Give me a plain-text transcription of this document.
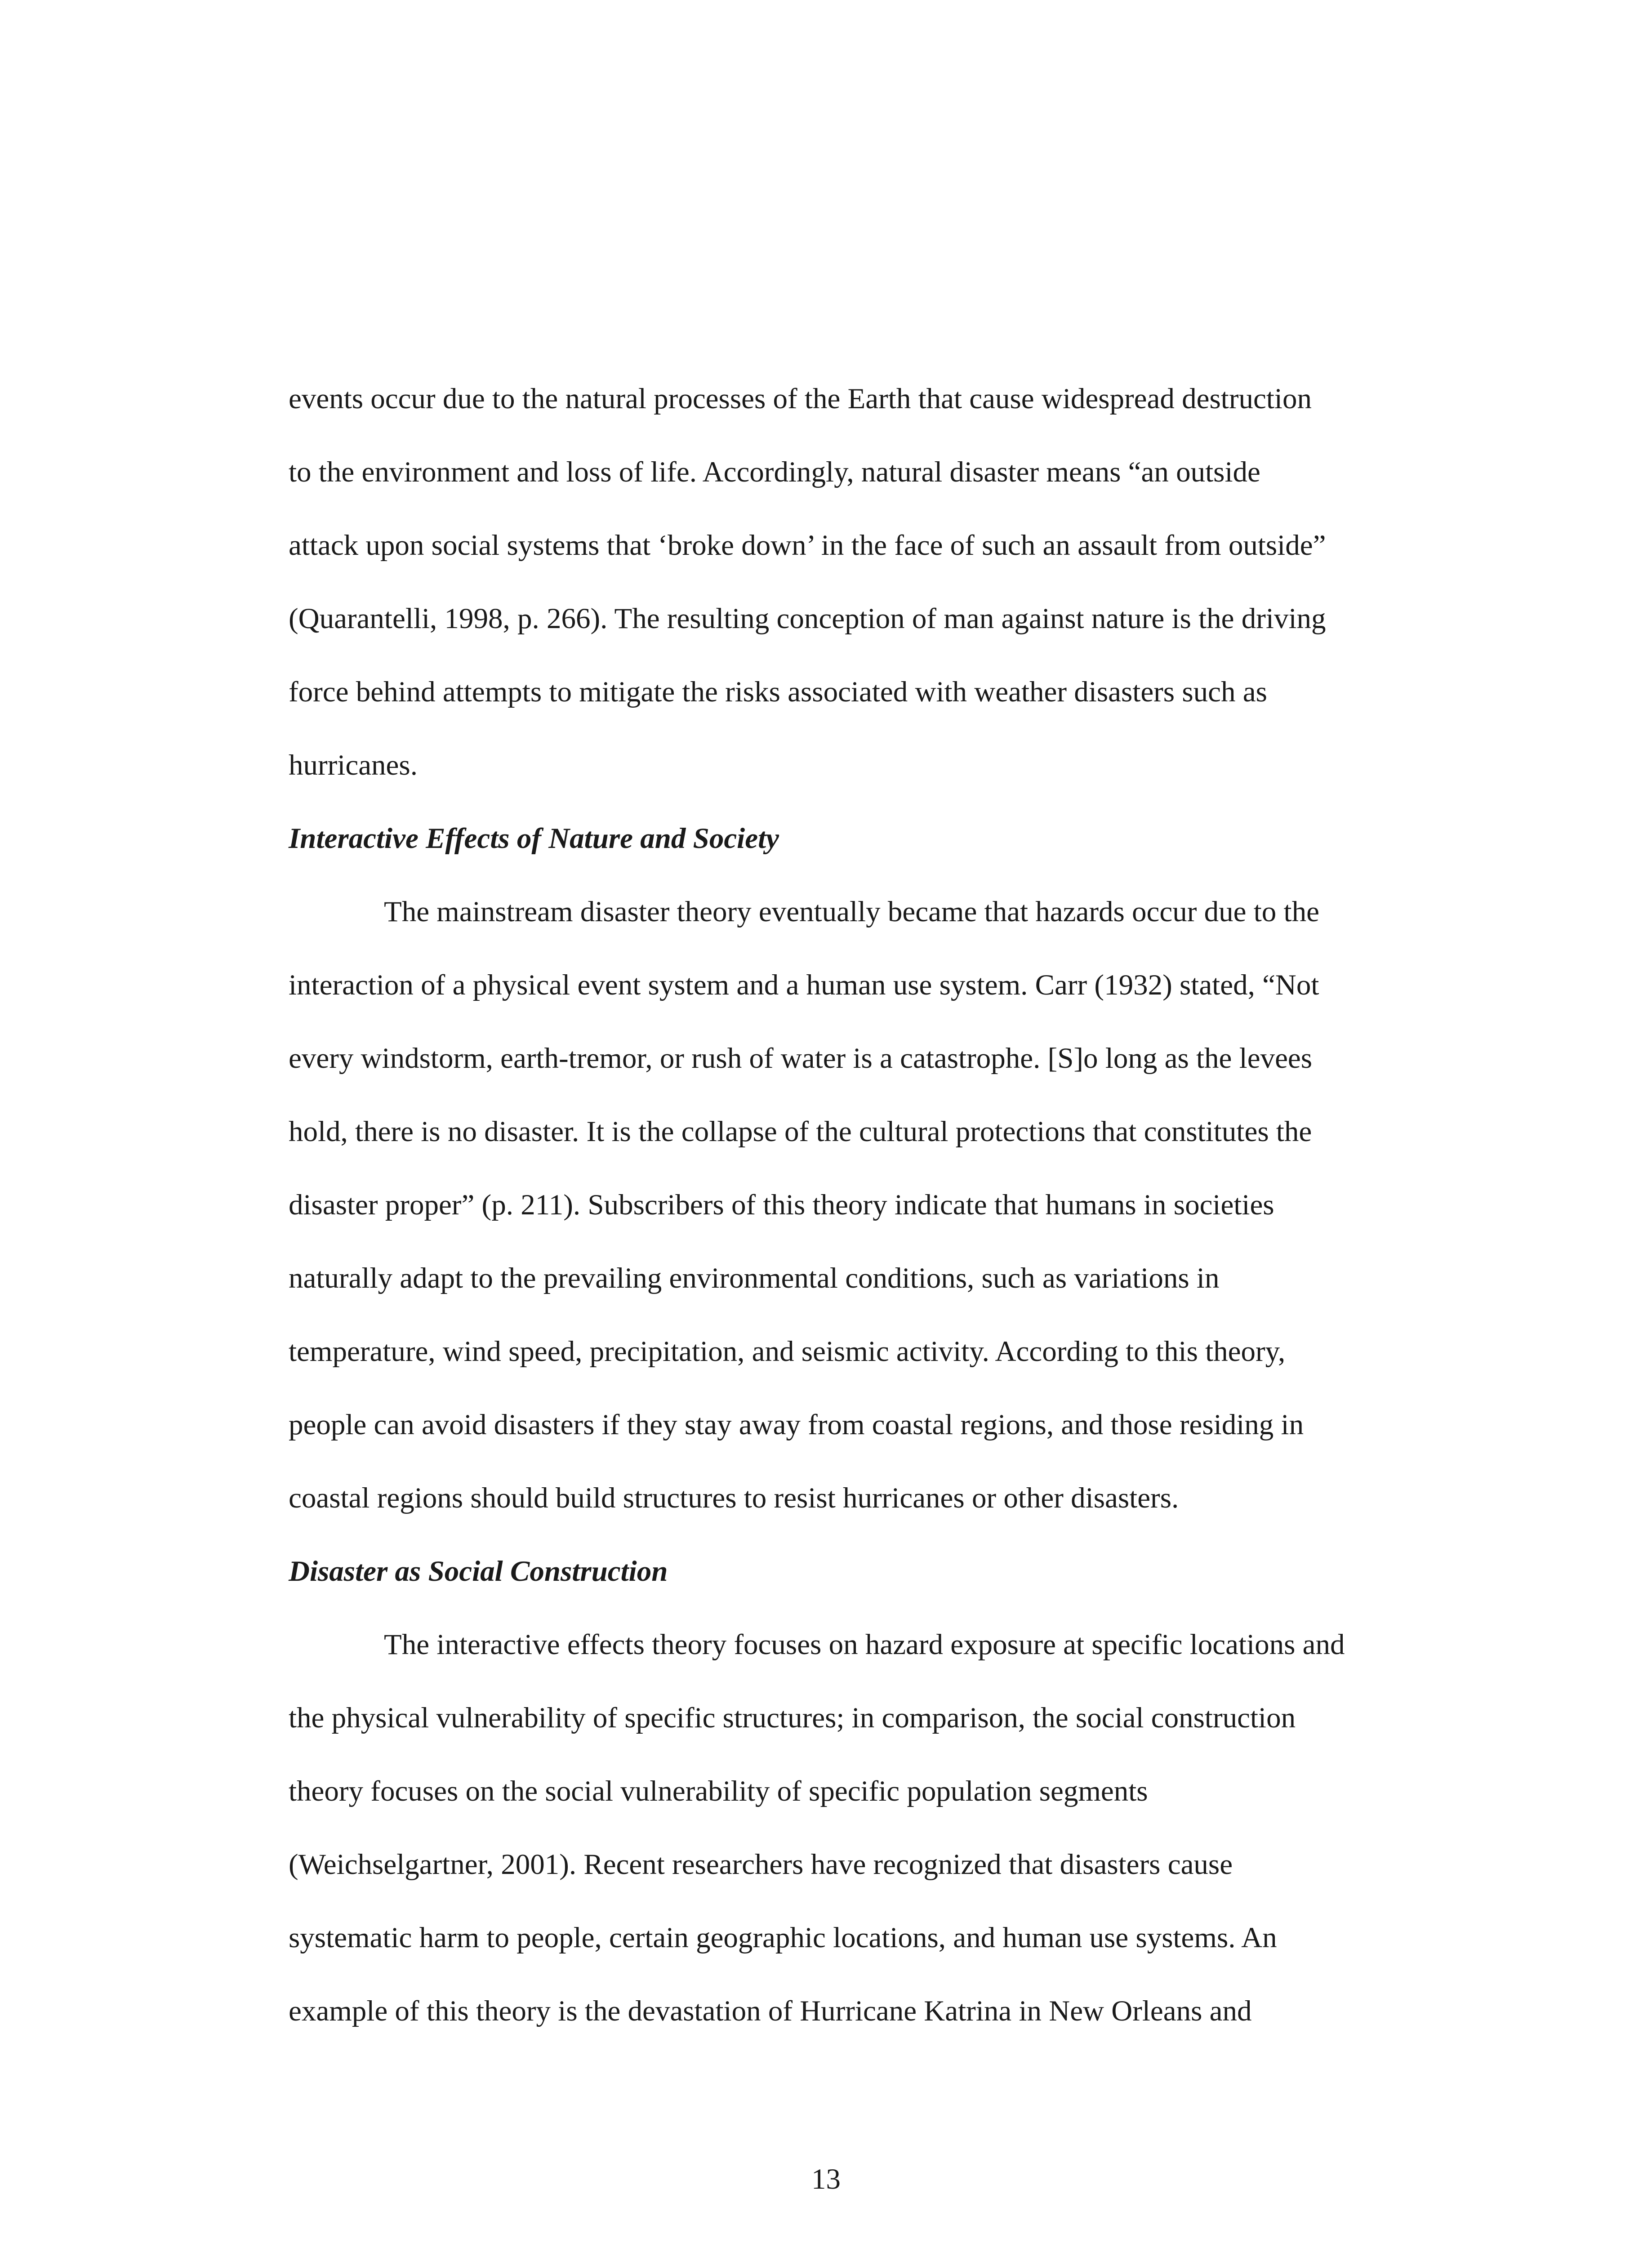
events occur due to the natural processes of the Earth that cause widespread destruction
to the environment and loss of life. Accordingly, natural disaster means “an outside
attack upon social systems that ‘broke down’ in the face of such an assault from outside”
(Quarantelli, 1998, p. 266). The resulting conception of man against nature is the driving
force behind attempts to mitigate the risks associated with weather disasters such as
hurricanes.
Interactive Effects of Nature and Society
The mainstream disaster theory eventually became that hazards occur due to the
interaction of a physical event system and a human use system. Carr (1932) stated, “Not
every windstorm, earth-tremor, or rush of water is a catastrophe. [S]o long as the levees
hold, there is no disaster. It is the collapse of the cultural protections that constitutes the
disaster proper” (p. 211). Subscribers of this theory indicate that humans in societies
naturally adapt to the prevailing environmental conditions, such as variations in
temperature, wind speed, precipitation, and seismic activity. According to this theory,
people can avoid disasters if they stay away from coastal regions, and those residing in
coastal regions should build structures to resist hurricanes or other disasters.
Disaster as Social Construction
The interactive effects theory focuses on hazard exposure at specific locations and
the physical vulnerability of specific structures; in comparison, the social construction
theory focuses on the social vulnerability of specific population segments
(Weichselgartner, 2001). Recent researchers have recognized that disasters cause
systematic harm to people, certain geographic locations, and human use systems. An
example of this theory is the devastation of Hurricane Katrina in New Orleans and
13
